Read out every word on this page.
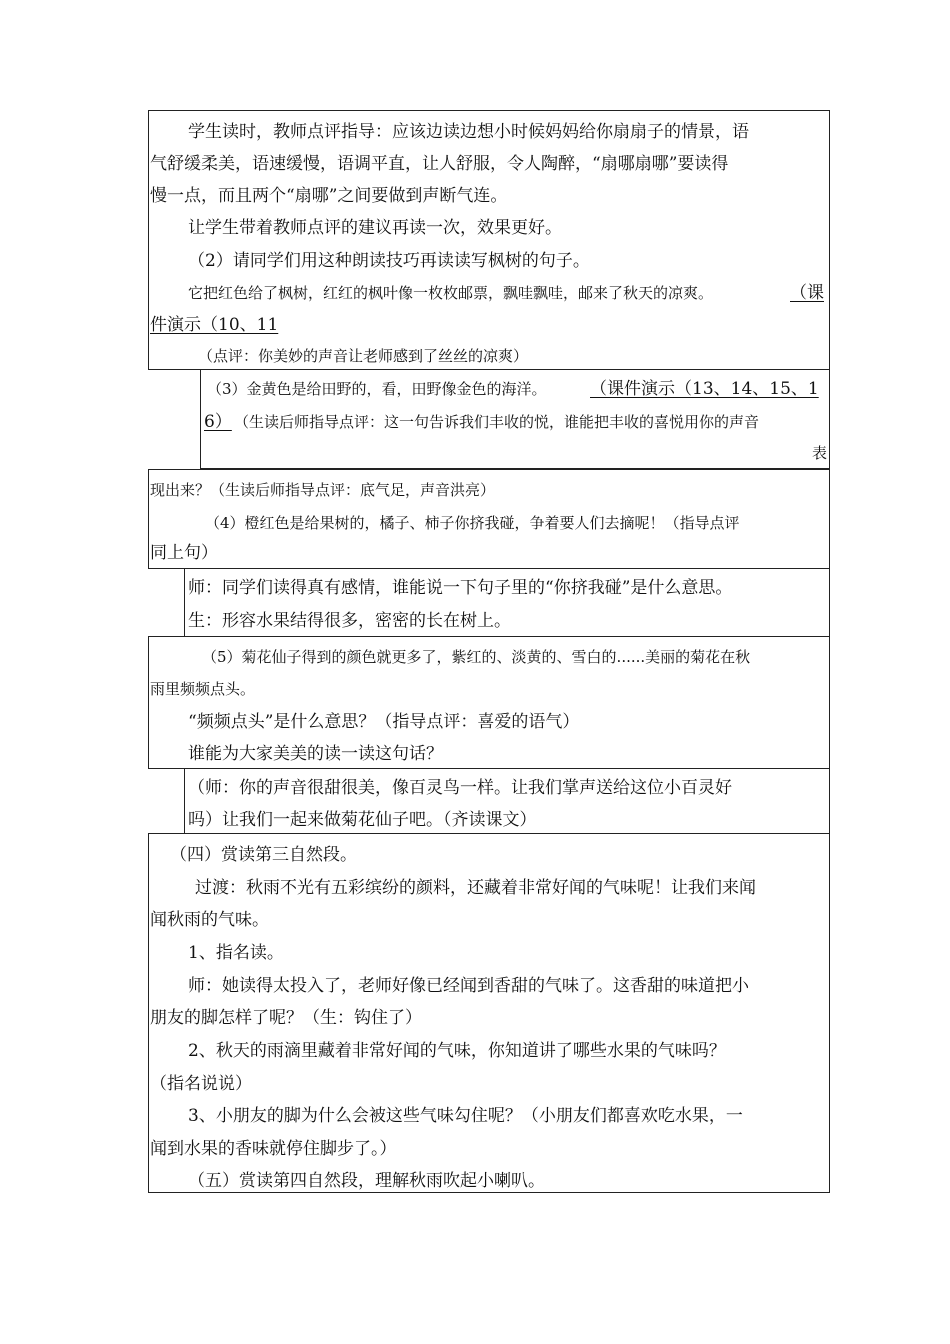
学生读时，教师点评指导：应该边读边想小时候妈妈给你扇扇子的情景，语
气舒缓柔美，语速缓慢，语调平直，让人舒服，令人陶醉，“扇哪扇哪”要读得
慢一点，而且两个“扇哪”之间要做到声断气连。
让学生带着教师点评的建议再读一次，效果更好。
（2）请同学们用这种朗读技巧再读读写枫树的句子。
它把红色给了枫树，红红的枫叶像一枚枚邮票，飘哇飘哇，邮来了秋天的凉爽。	（课
件演示（10、11
（点评：你美妙的声音让老师感到了丝丝的凉爽）
（3）金黄色是给田野的，看，田野像金色的海洋。	（课件演示（13、14、15、1
6） （生读后师指导点评：这一句告诉我们丰收的悦，谁能把丰收的喜悦用你的声音
表
现出来？（生读后师指导点评：底气足，声音洪亮）
（4）橙红色是给果树的，橘子、柿子你挤我碰，争着要人们去摘呢！（指导点评
同上句）
师：同学们读得真有感情，谁能说一下句子里的“你挤我碰”是什么意思。
生：形容水果结得很多，密密的长在树上。
（5）菊花仙子得到的颜色就更多了，紫红的、淡黄的、雪白的......美丽的菊花在秋
雨里频频点头。
“频频点头”是什么意思？（指导点评：喜爱的语气）
谁能为大家美美的读一读这句话？
（师：你的声音很甜很美，像百灵鸟一样。让我们掌声送给这位小百灵好
吗）让我们一起来做菊花仙子吧。（齐读课文）
（四）赏读第三自然段。
过渡：秋雨不光有五彩缤纷的颜料，还藏着非常好闻的气味呢！让我们来闻
闻秋雨的气味。
1、指名读。
师：她读得太投入了，老师好像已经闻到香甜的气味了。这香甜的味道把小
朋友的脚怎样了呢？（生：钩住了）
2、秋天的雨滴里藏着非常好闻的气味，你知道讲了哪些水果的气味吗？
（指名说说）
3、小朋友的脚为什么会被这些气味勾住呢？（小朋友们都喜欢吃水果，一
闻到水果的香味就停住脚步了。）
（五）赏读第四自然段，理解秋雨吹起小喇叭。
